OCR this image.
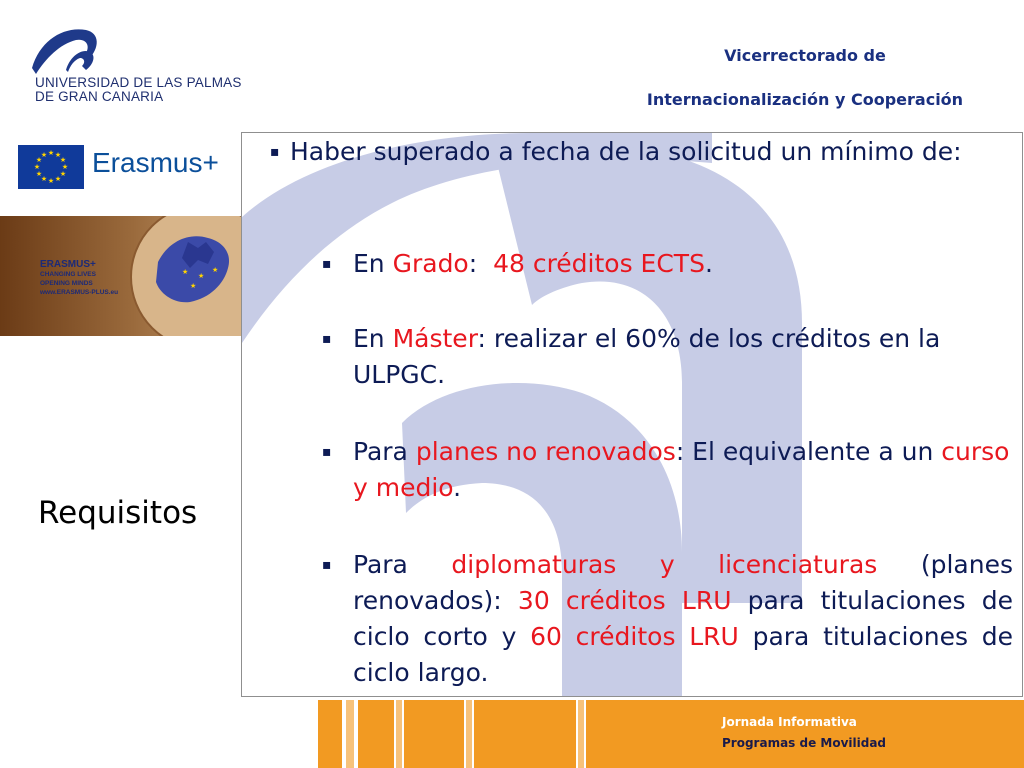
UNIVERSIDAD DE LAS PALMAS
DE GRAN CANARIA
Vicerrectorado de
Internacionalización y Cooperación
★ ★
★
★
★
★
★
★
★
★
★
★ Erasmus+
★ ★
★
★
ERASMUS+
CHANGING LIVES
OPENING MINDS
www.ERASMUS-PLUS.eu
Requisitos
Jornada Informativa
Programas de Movilidad
▪ Haber superado a fecha de la solicitud un mínimo de:
▪ En Grado:  48 créditos ECTS.
▪ En Máster: realizar el 60% de los créditos en la ULPGC.
▪ Para planes no renovados: El equivalente a un curso y medio.
▪ Para diplomaturas y licenciaturas (planes renovados): 30 créditos LRU para titulaciones de ciclo corto y 60 créditos LRU para titulaciones de ciclo largo.
